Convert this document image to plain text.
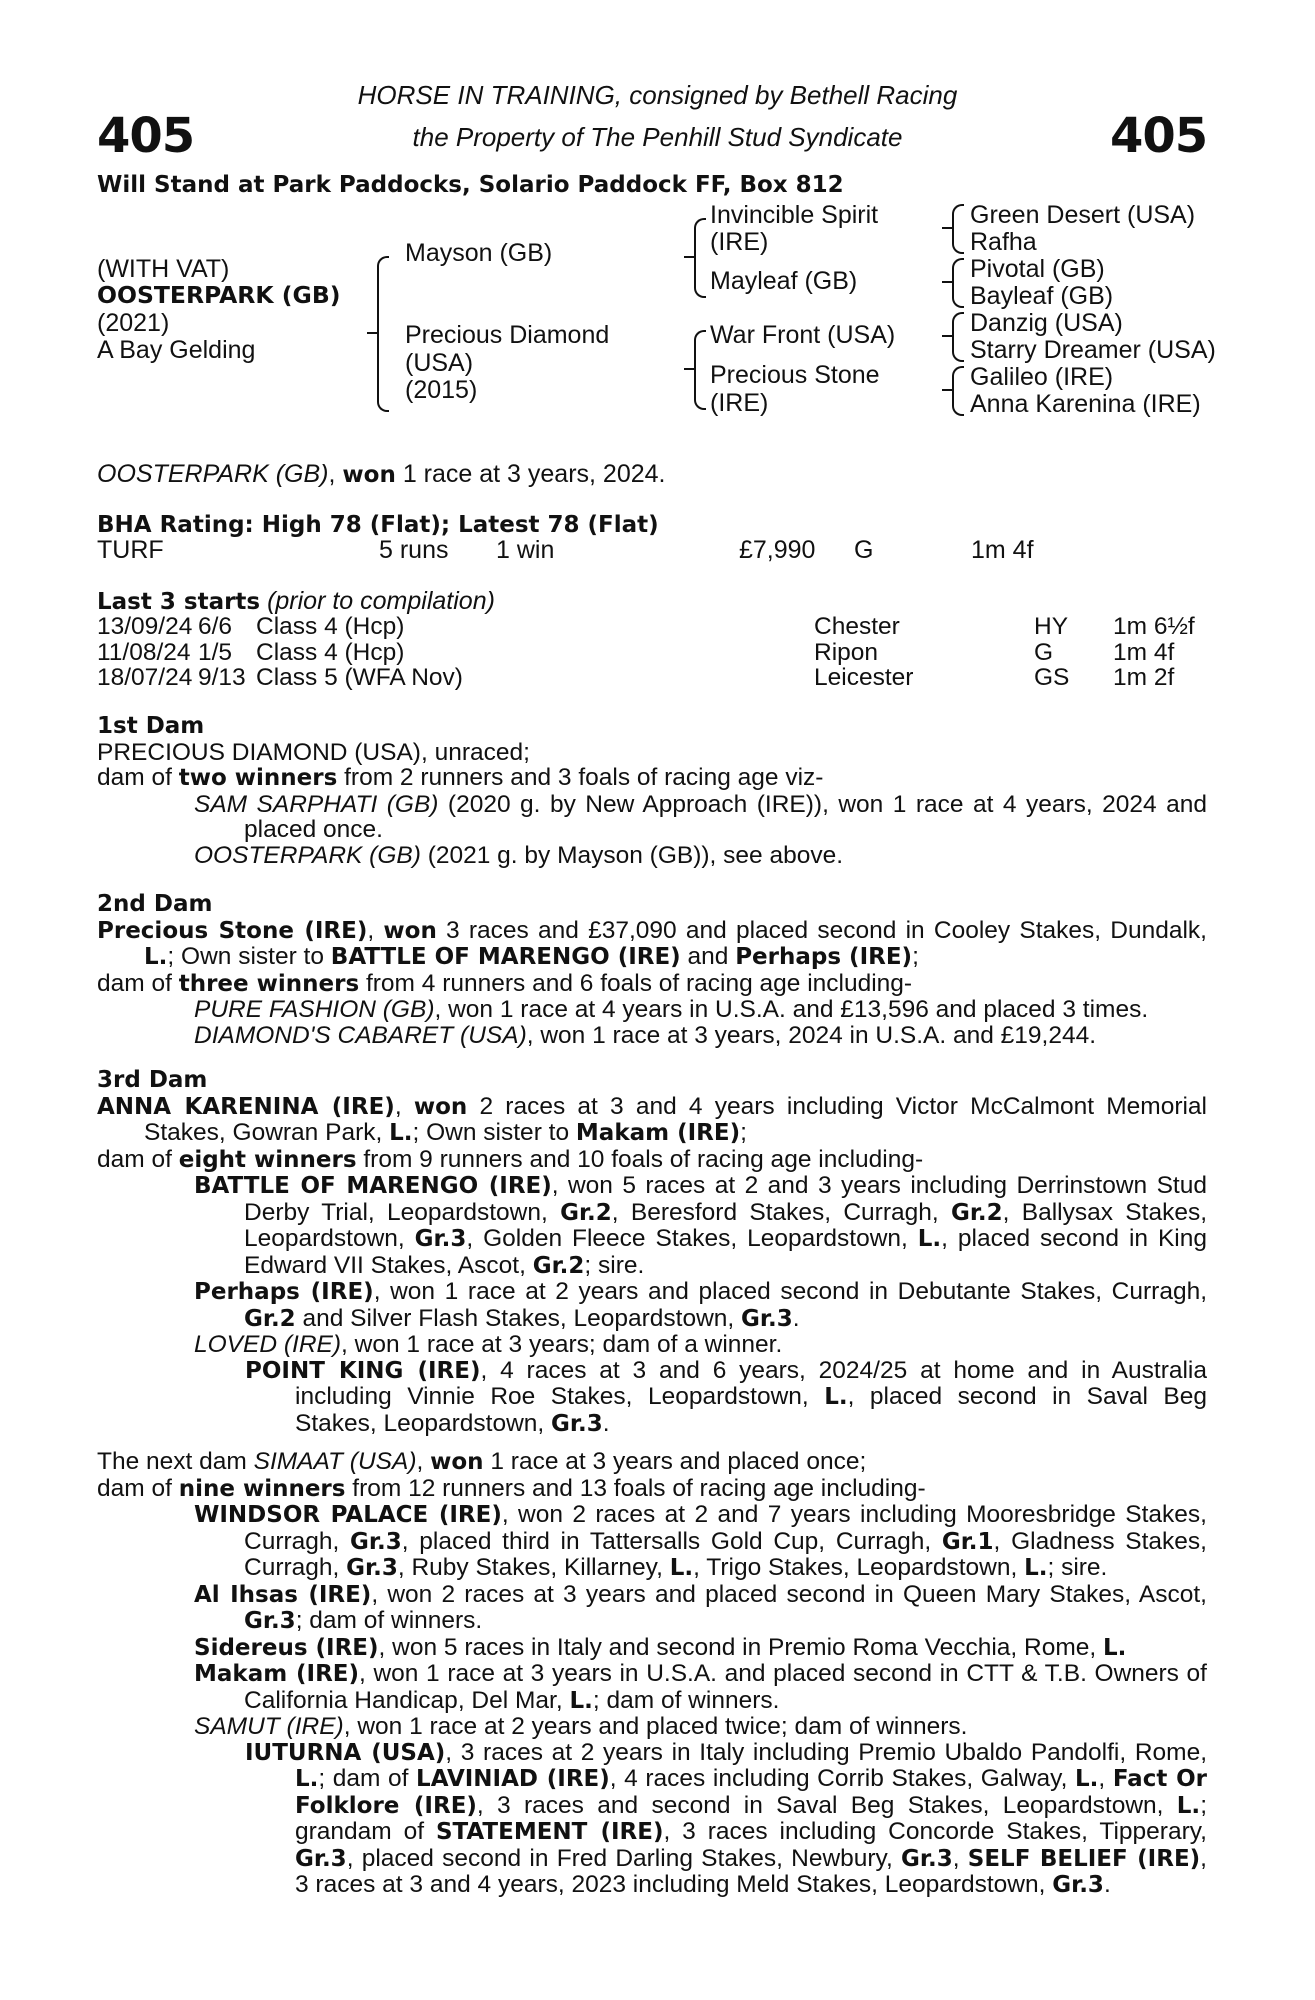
405	405
HORSE IN TRAINING, consigned by Bethell Racing
the Property of The Penhill Stud Syndicate
Will Stand at Park Paddocks, Solario Paddock FF, Box 812
(WITH VAT)
OOSTERPARK (GB)
(2021)
A Bay Gelding
Mayson (GB)
Precious Diamond
(USA)
(2015)
Invincible Spirit
(IRE)
Mayleaf (GB)
War Front (USA)
Precious Stone
(IRE)
Green Desert (USA)
Rafha
Pivotal (GB)
Bayleaf (GB)
Danzig (USA)
Starry Dreamer (USA)
Galileo (IRE)
Anna Karenina (IRE)
OOSTERPARK (GB), won 1 race at 3 years, 2024.
BHA Rating: High 78 (Flat); Latest 78 (Flat)
TURF	5 runs 1 win	£7,990 G	1m 4f
Last 3 starts (prior to compilation)
13/09/24	6/6	Class 4 (Hcp)	Chester	HY	1m 6½f
11/08/24	1/5	Class 4 (Hcp)	Ripon	G	1m 4f
18/07/24	9/13	Class 5 (WFA Nov)	Leicester	GS	1m 2f

1st Dam

PRECIOUS DIAMOND (USA), unraced;

dam of two winners from 2 runners and 3 foals of racing age viz-

SAM SARPHATI (GB) (2020 g. by New Approach (IRE)), won 1 race at 4 years, 2024 and placed once.

OOSTERPARK (GB) (2021 g. by Mayson (GB)), see above.

2nd Dam

Precious Stone (IRE), won 3 races and £37,090 and placed second in Cooley Stakes, Dundalk, L.; Own sister to BATTLE OF MARENGO (IRE) and Perhaps (IRE);

dam of three winners from 4 runners and 6 foals of racing age including-

PURE FASHION (GB), won 1 race at 4 years in U.S.A. and £13,596 and placed 3 times.

DIAMOND'S CABARET (USA), won 1 race at 3 years, 2024 in U.S.A. and £19,244.

3rd Dam

ANNA KARENINA (IRE), won 2 races at 3 and 4 years including Victor McCalmont Memorial Stakes, Gowran Park, L.; Own sister to Makam (IRE);

dam of eight winners from 9 runners and 10 foals of racing age including-

BATTLE OF MARENGO (IRE), won 5 races at 2 and 3 years including Derrinstown Stud Derby Trial, Leopardstown, Gr.2, Beresford Stakes, Curragh, Gr.2, Ballysax Stakes, Leopardstown, Gr.3, Golden Fleece Stakes, Leopardstown, L., placed second in King Edward VII Stakes, Ascot, Gr.2; sire.

Perhaps (IRE), won 1 race at 2 years and placed second in Debutante Stakes, Curragh, Gr.2 and Silver Flash Stakes, Leopardstown, Gr.3.

LOVED (IRE), won 1 race at 3 years; dam of a winner.

POINT KING (IRE), 4 races at 3 and 6 years, 2024/25 at home and in Australia including Vinnie Roe Stakes, Leopardstown, L., placed second in Saval Beg Stakes, Leopardstown, Gr.3.

The next dam SIMAAT (USA), won 1 race at 3 years and placed once;

dam of nine winners from 12 runners and 13 foals of racing age including-

WINDSOR PALACE (IRE), won 2 races at 2 and 7 years including Mooresbridge Stakes, Curragh, Gr.3, placed third in Tattersalls Gold Cup, Curragh, Gr.1, Gladness Stakes, Curragh, Gr.3, Ruby Stakes, Killarney, L., Trigo Stakes, Leopardstown, L.; sire.

Al Ihsas (IRE), won 2 races at 3 years and placed second in Queen Mary Stakes, Ascot, Gr.3; dam of winners.

Sidereus (IRE), won 5 races in Italy and second in Premio Roma Vecchia, Rome, L.

Makam (IRE), won 1 race at 3 years in U.S.A. and placed second in CTT & T.B. Owners of California Handicap, Del Mar, L.; dam of winners.

SAMUT (IRE), won 1 race at 2 years and placed twice; dam of winners.

IUTURNA (USA), 3 races at 2 years in Italy including Premio Ubaldo Pandolfi, Rome, L.; dam of LAVINIAD (IRE), 4 races including Corrib Stakes, Galway, L., Fact Or Folklore (IRE), 3 races and second in Saval Beg Stakes, Leopardstown, L.; grandam of STATEMENT (IRE), 3 races including Concorde Stakes, Tipperary, Gr.3, placed second in Fred Darling Stakes, Newbury, Gr.3, SELF BELIEF (IRE), 3 races at 3 and 4 years, 2023 including Meld Stakes, Leopardstown, Gr.3.
